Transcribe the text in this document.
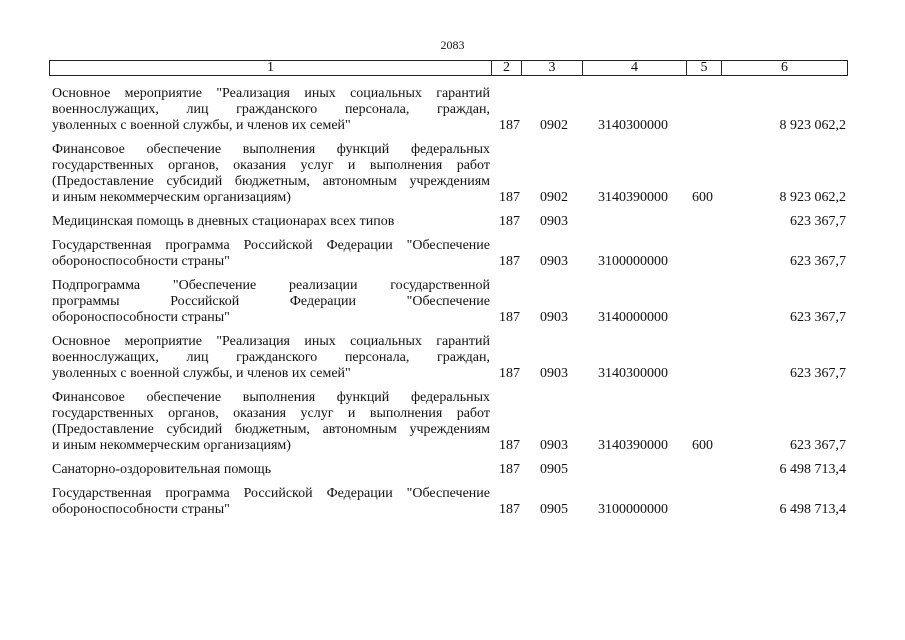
2083
1	2	3	4	5	6
Основное мероприятие "Реализация иных социальных гарантий
военнослужащих, лиц гражданского персонала, граждан,
уволенных с военной службы, и членов их семей"	187 0902 3140300000	8 923 062,2
Финансовое обеспечение выполнения функций федеральных
государственных органов, оказания услуг и выполнения работ
(Предоставление субсидий бюджетным, автономным учреждениям
и иным некоммерческим организациям)	187 0902 3140390000 600	8 923 062,2
Медицинская помощь в дневных стационарах всех типов	187 0903	623 367,7
Государственная программа Российской Федерации "Обеспечение
обороноспособности страны"	187 0903 3100000000	623 367,7
Подпрограмма "Обеспечение реализации государственной
программы Российской Федерации "Обеспечение
обороноспособности страны"	187 0903 3140000000	623 367,7
Основное мероприятие "Реализация иных социальных гарантий
военнослужащих, лиц гражданского персонала, граждан,
уволенных с военной службы, и членов их семей"	187 0903 3140300000	623 367,7
Финансовое обеспечение выполнения функций федеральных
государственных органов, оказания услуг и выполнения работ
(Предоставление субсидий бюджетным, автономным учреждениям
и иным некоммерческим организациям)	187 0903 3140390000 600	623 367,7
Санаторно-оздоровительная помощь	187 0905	6 498 713,4
Государственная программа Российской Федерации "Обеспечение
обороноспособности страны"	187 0905 3100000000	6 498 713,4
